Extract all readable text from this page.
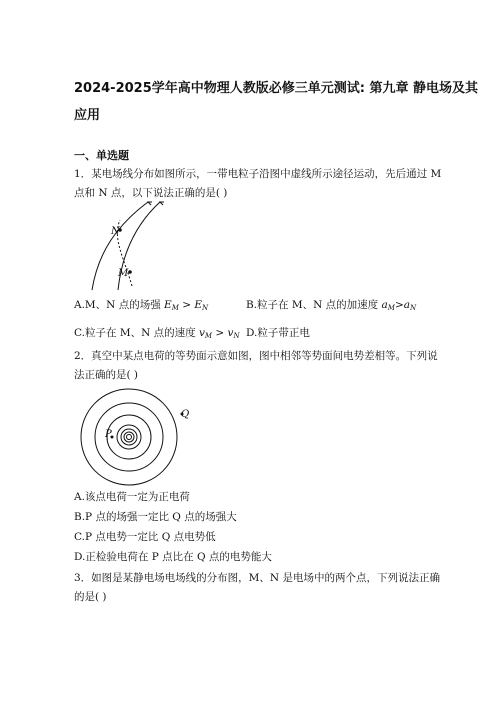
2024-2025学年高中物理人教版必修三单元测试: 第九章 静电场及其
应用
一、单选题
1．某电场线分布如图所示，一带电粒子沿图中虚线所示途径运动，先后通过 M
点和 N 点，以下说法正确的是( )
N
M
A.M、N 点的场强 $E_M > E_N$	B.粒子在 M、N 点的加速度 $a_M>a_N$
C.粒子在 M、N 点的速度 $v_M > v_N$ D.粒子带正电
2．真空中某点电荷的等势面示意如图，图中相邻等势面间电势差相等。下列说
法正确的是( )
Q
P
A.该点电荷一定为正电荷
B.P 点的场强一定比 Q 点的场强大
C.P 点电势一定比 Q 点电势低
D.正检验电荷在 P 点比在 Q 点的电势能大
3．如图是某静电场电场线的分布图，M、N 是电场中的两个点，下列说法正确
的是( )
